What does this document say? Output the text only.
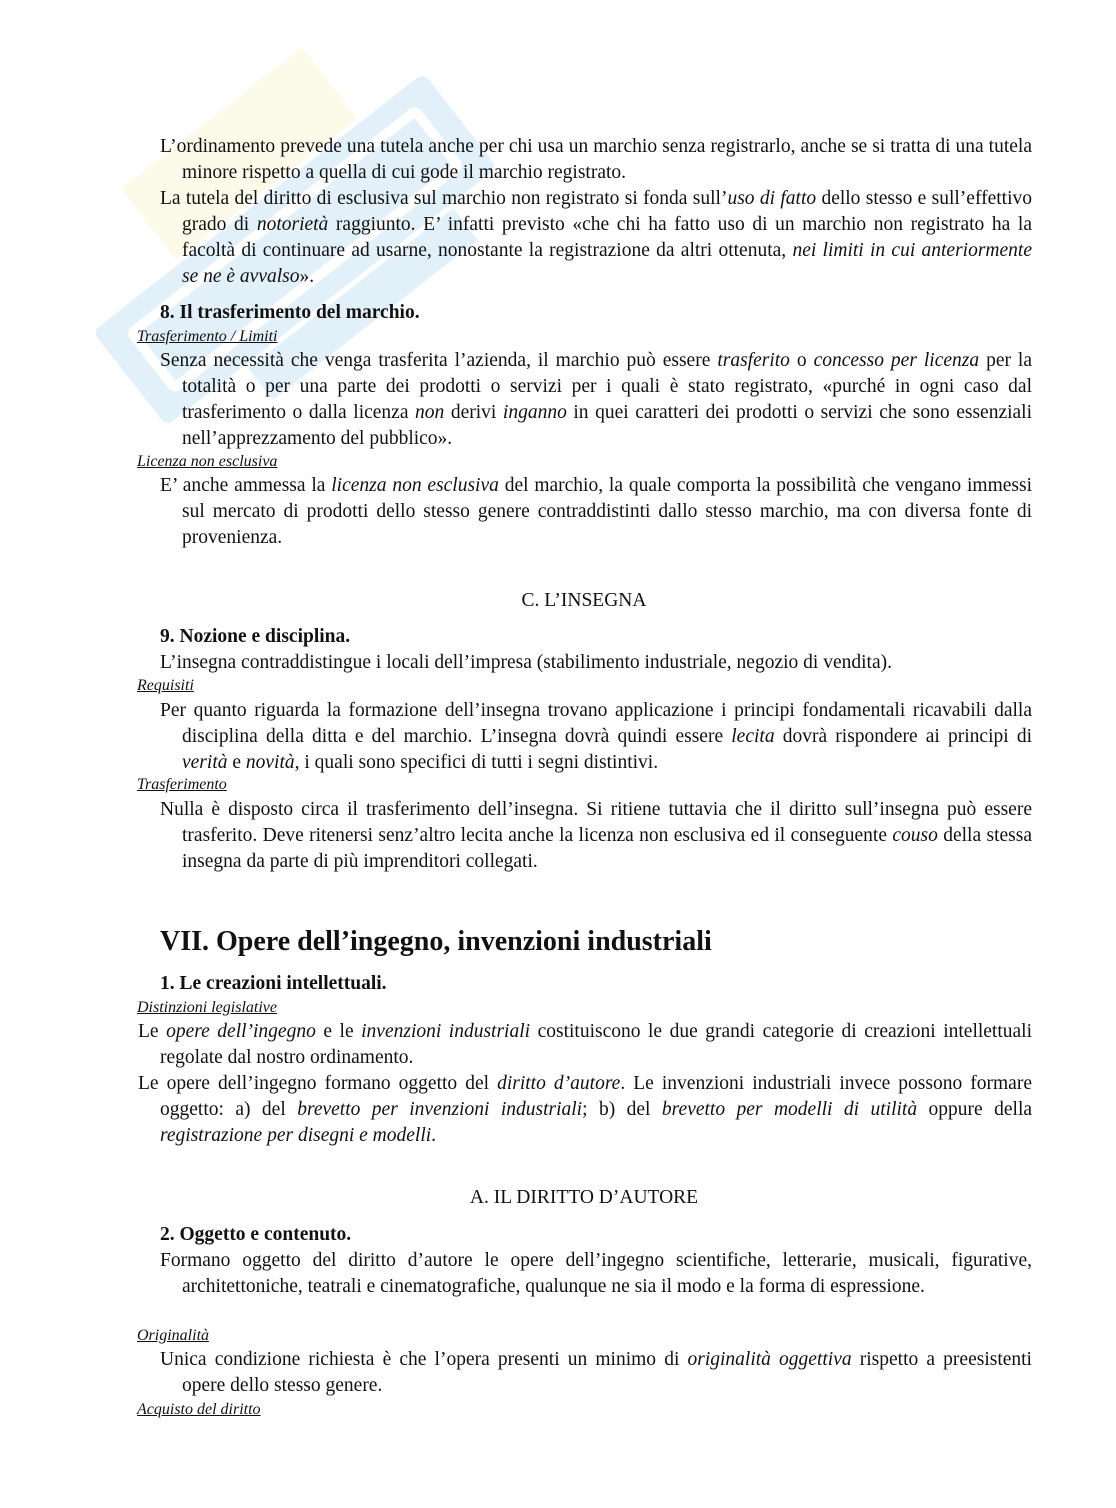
L’ordinamento prevede una tutela anche per chi usa un marchio senza registrarlo, anche se si tratta di una tutela minore rispetto a quella di cui gode il marchio registrato.

La tutela del diritto di esclusiva sul marchio non registrato si fonda sull’uso di fatto dello stesso e sull’effettivo grado di notorietà raggiunto. E’ infatti previsto «che chi ha fatto uso di un marchio non registrato ha la facoltà di continuare ad usarne, nonostante la registrazione da altri ottenuta, nei limiti in cui anteriormente se ne è avvalso».

8. Il trasferimento del marchio.

Trasferimento / Limiti

Senza necessità che venga trasferita l’azienda, il marchio può essere trasferito o concesso per licenza per la totalità o per una parte dei prodotti o servizi per i quali è stato registrato, «purché in ogni caso dal trasferimento o dalla licenza non derivi inganno in quei caratteri dei prodotti o servizi che sono essenziali nell’apprezzamento del pubblico».

Licenza non esclusiva

E’ anche ammessa la licenza non esclusiva del marchio, la quale comporta la possibilità che vengano immessi sul mercato di prodotti dello stesso genere contraddistinti dallo stesso marchio, ma con diversa fonte di provenienza.

C. L’INSEGNA

9. Nozione e disciplina.

L’insegna contraddistingue i locali dell’impresa (stabilimento industriale, negozio di vendita).

Requisiti

Per quanto riguarda la formazione dell’insegna trovano applicazione i principi fondamentali ricavabili dalla disciplina della ditta e del marchio. L’insegna dovrà quindi essere lecita dovrà rispondere ai principi di verità e novità, i quali sono specifici di tutti i segni distintivi.

Trasferimento

Nulla è disposto circa il trasferimento dell’insegna. Si ritiene tuttavia che il diritto sull’insegna può essere trasferito. Deve ritenersi senz’altro lecita anche la licenza non esclusiva ed il conseguente couso della stessa insegna da parte di più imprenditori collegati.

VII. Opere dell’ingegno, invenzioni industriali
1. Le creazioni intellettuali.

Distinzioni legislative

Le opere dell’ingegno e le invenzioni industriali costituiscono le due grandi categorie di creazioni intellettuali regolate dal nostro ordinamento.

Le opere dell’ingegno formano oggetto del diritto d’autore. Le invenzioni industriali invece possono formare oggetto: a) del brevetto per invenzioni industriali; b) del brevetto per modelli di utilità oppure della registrazione per disegni e modelli.

A. IL DIRITTO D’AUTORE

2. Oggetto e contenuto.

Formano oggetto del diritto d’autore le opere dell’ingegno scientifiche, letterarie, musicali, figurative, architettoniche, teatrali e cinematografiche, qualunque ne sia il modo e la forma di espressione.

Originalità

Unica condizione richiesta è che l’opera presenti un minimo di originalità oggettiva rispetto a preesistenti opere dello stesso genere.

Acquisto del diritto
